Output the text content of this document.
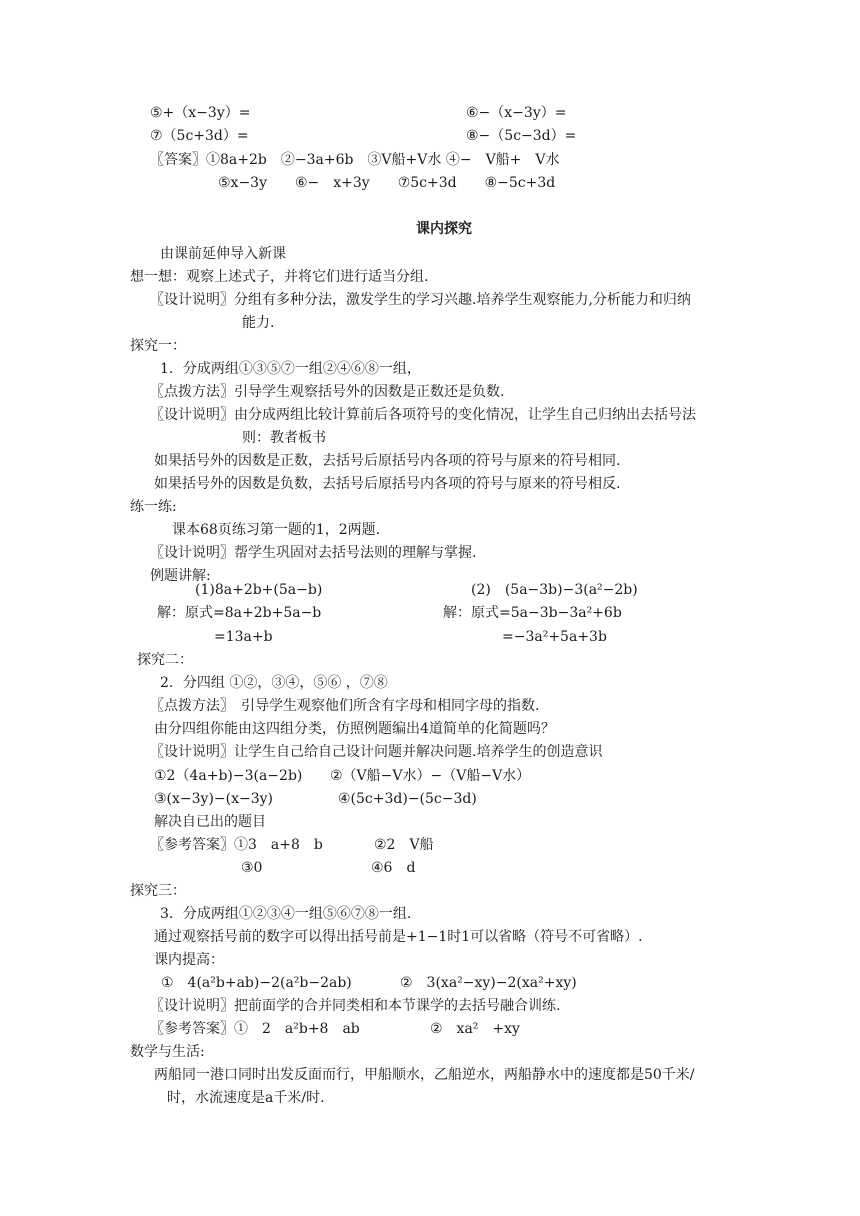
⑤+（x−3y）=	⑥−（x−3y）=
⑦（5c+3d）=	⑧−（5c−3d）=
〖答案〗①8a+2b　②−3a+6b　③V船+V水 ④−　V船+　V水
⑤x−3y　　⑥−　x+3y　　⑦5c+3d　　⑧−5c+3d
课内探究
由课前延伸导入新课
想一想：观察上述式子，并将它们进行适当分组.
〖设计说明〗分组有多种分法，激发学生的学习兴趣.培养学生观察能力,分析能力和归纳
能力.
探究一：
1．分成两组①③⑤⑦一组②④⑥⑧一组，
〖点拨方法〗引导学生观察括号外的因数是正数还是负数.
〖设计说明〗由分成两组比较计算前后各项符号的变化情况，让学生自己归纳出去括号法
则：教者板书
如果括号外的因数是正数，去括号后原括号内各项的符号与原来的符号相同.
如果括号外的因数是负数，去括号后原括号内各项的符号与原来的符号相反.
练一练:
课本68页练习第一题的1，2两题.
〖设计说明〗帮学生巩固对去括号法则的理解与掌握.
例题讲解:
(1)8a+2b+(5a−b)	(2)　(5a−3b)−3(a²−2b)
解：原式=8a+2b+5a−b	解：原式=5a−3b−3a²+6b
=13a+b	=−3a²+5a+3b
探究二：
2．分四组 ①②，③④，⑤⑥ ，⑦⑧
〖点拨方法〗　引导学生观察他们所含有字母和相同字母的指数.
由分四组你能由这四组分类，仿照例题编出4道简单的化简题吗？
〖设计说明〗让学生自己给自己设计问题并解决问题.培养学生的创造意识
①2（4a+b)−3(a−2b) ②（V船−V水）−（V船−V水）
③(x−3y)−(x−3y)	④(5c+3d)−(5c−3d)
解决自已出的题目
〖参考答案〗①3　a+8　b	②2　V船
③0	④6　d
探究三：
3．分成两组①②③④一组⑤⑥⑦⑧一组.
通过观察括号前的数字可以得出括号前是+1−1时1可以省略（符号不可省略）.
课内提高：
①　4(a²b+ab)−2(a²b−2ab)	②　3(xa²−xy)−2(xa²+xy)
〖设计说明〗把前面学的合并同类相和本节课学的去括号融合训练.
〖参考答案〗①　2　a²b+8　ab	②　xa²　+xy
数学与生活:
两船同一港口同时出发反面而行，甲船顺水，乙船逆水，两船静水中的速度都是50千米/
时，水流速度是a千米/时.
